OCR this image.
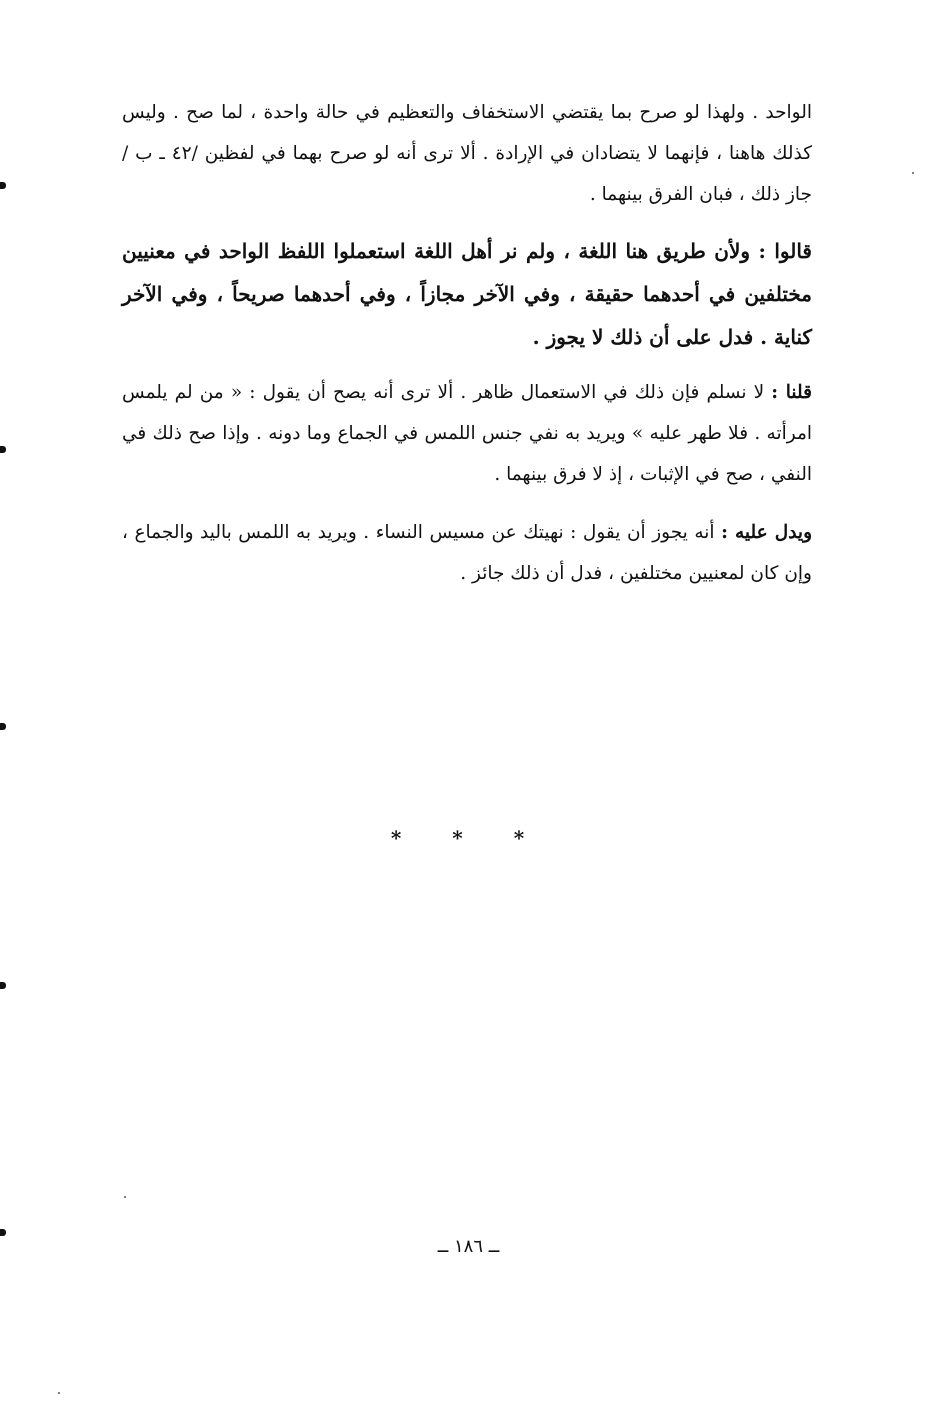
الواحد . ولهذا لو صرح بما يقتضي الاستخفاف والتعظيم في حالة واحدة ، لما صح . وليس كذلك هاهنا ، فإنهما لا يتضادان في الإرادة . ألا ترى أنه لو صرح بهما في لفظين /٤٢ ـ ب / جاز ذلك ، فبان الفرق بينهما .

قالوا : ولأن طريق هنا اللغة ، ولم نر أهل اللغة استعملوا اللفظ الواحد في معنيين مختلفين في أحدهما حقيقة ، وفي الآخر مجازاً ، وفي أحدهما صريحاً ، وفي الآخر كناية . فدل على أن ذلك لا يجوز .

قلنا : لا نسلم فإن ذلك في الاستعمال ظاهر . ألا ترى أنه يصح أن يقول : « من لم يلمس امرأته . فلا طهر عليه » ويريد به نفي جنس اللمس في الجماع وما دونه . وإذا صح ذلك في النفي ، صح في الإثبات ، إذ لا فرق بينهما .

ويدل عليه : أنه يجوز أن يقول : نهيتك عن مسيس النساء . ويريد به اللمس باليد والجماع ، وإن كان لمعنيين مختلفين ، فدل أن ذلك جائز .

* * *
ــ ١٨٦ ــ
